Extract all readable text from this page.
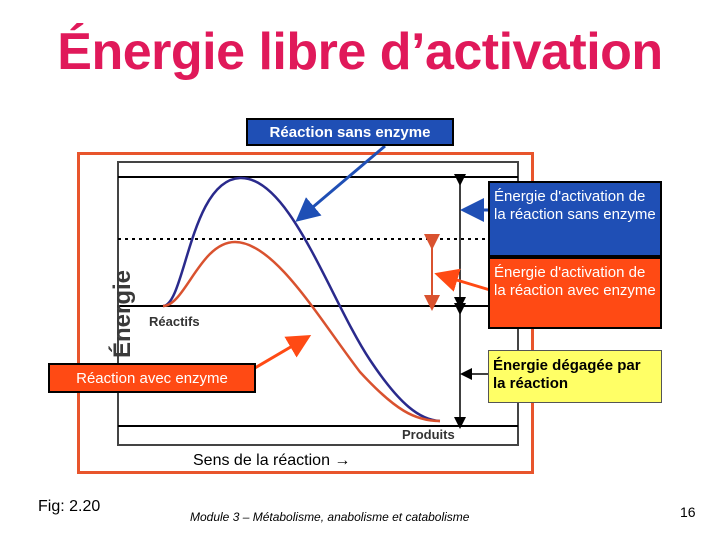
Énergie libre d’activation
Énergie Réactifs
Produits
Réaction sans enzyme
Énergie d'activation de la réaction sans enzyme
Énergie d'activation de la réaction avec enzyme
Énergie dégagée par la réaction
Réaction avec enzyme
Sens de la réaction →
Fig: 2.20
Module 3 – Métabolisme, anabolisme et catabolisme	16
